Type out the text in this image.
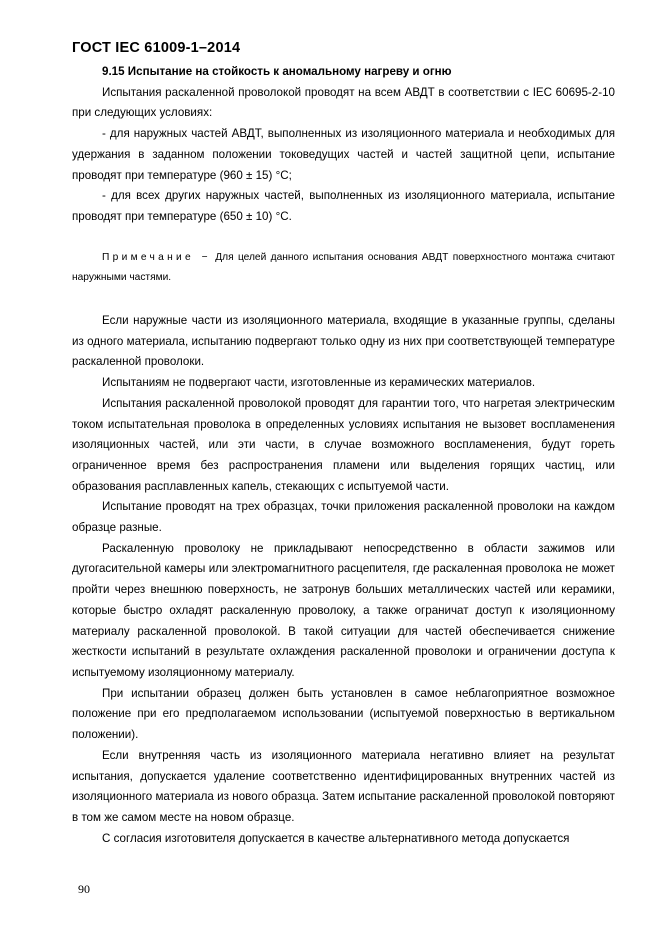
ГОСТ IEC 61009-1–2014

9.15 Испытание на стойкость к аномальному нагреву и огню

Испытания раскаленной проволокой проводят на всем АВДТ в соответствии с IEC 60695-2-10 при следующих условиях:

- для наружных частей АВДТ, выполненных из изоляционного материала и необходимых для удержания в заданном положении токоведущих частей и частей защитной цепи, испытание проводят при температуре (960 ± 15) °С;

- для всех других наружных частей, выполненных из изоляционного материала, испытание проводят при температуре (650 ± 10) °С.

Примечание − Для целей данного испытания основания АВДТ поверхностного монтажа считают наружными частями.

Если наружные части из изоляционного материала, входящие в указанные группы, сделаны из одного материала, испытанию подвергают только одну из них при соответствующей температуре раскаленной проволоки.

Испытаниям не подвергают части, изготовленные из керамических материалов.

Испытания раскаленной проволокой проводят для гарантии того, что нагретая электрическим током испытательная проволока в определенных условиях испытания не вызовет воспламенения изоляционных частей, или эти части, в случае возможного воспламенения, будут гореть ограниченное время без распространения пламени или выделения горящих частиц, или образования расплавленных капель, стекающих с испытуемой части.

Испытание проводят на трех образцах, точки приложения раскаленной проволоки на каждом образце разные.

Раскаленную проволоку не прикладывают непосредственно в области зажимов или дугогасительной камеры или электромагнитного расцепителя, где раскаленная проволока не может пройти через внешнюю поверхность, не затронув больших металлических частей или керамики, которые быстро охладят раскаленную проволоку, а также ограничат доступ к изоляционному материалу раскаленной проволокой. В такой ситуации для частей обеспечивается снижение жесткости испытаний в результате охлаждения раскаленной проволоки и ограничении доступа к испытуемому изоляционному материалу.

При испытании образец должен быть установлен в самое неблагоприятное возможное положение при его предполагаемом использовании (испытуемой поверхностью в вертикальном положении).

Если внутренняя часть из изоляционного материала негативно влияет на результат испытания, допускается удаление соответственно идентифицированных внутренних частей из изоляционного материала из нового образца. Затем испытание раскаленной проволокой повторяют в том же самом месте на новом образце.

С согласия изготовителя допускается в качестве альтернативного метода допускается

90
